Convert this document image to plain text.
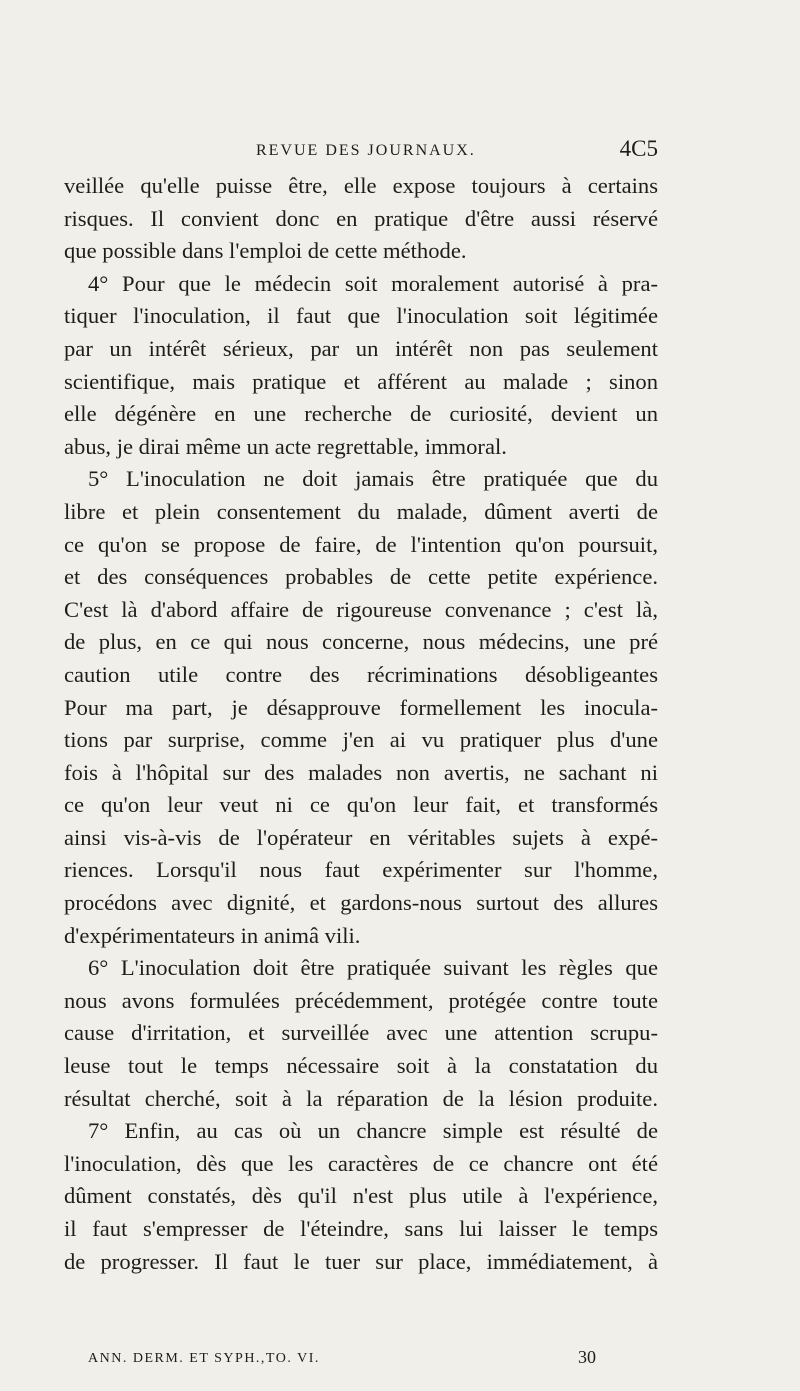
REVUE DES JOURNAUX.	4C5
veillée qu'elle puisse être, elle expose toujours à certains
risques. Il convient donc en pratique d'être aussi réservé
que possible dans l'emploi de cette méthode.
4° Pour que le médecin soit moralement autorisé à pra-
tiquer l'inoculation, il faut que l'inoculation soit légitimée
par un intérêt sérieux, par un intérêt non pas seulement
scientifique, mais pratique et afférent au malade ; sinon
elle dégénère en une recherche de curiosité, devient un
abus, je dirai même un acte regrettable, immoral.
5° L'inoculation ne doit jamais être pratiquée que du
libre et plein consentement du malade, dûment averti de
ce qu'on se propose de faire, de l'intention qu'on poursuit,
et des conséquences probables de cette petite expérience.
C'est là d'abord affaire de rigoureuse convenance ; c'est là,
de plus, en ce qui nous concerne, nous médecins, une pré
caution utile contre des récriminations désobligeantes
Pour ma part, je désapprouve formellement les inocula-
tions par surprise, comme j'en ai vu pratiquer plus d'une
fois à l'hôpital sur des malades non avertis, ne sachant ni
ce qu'on leur veut ni ce qu'on leur fait, et transformés
ainsi vis-à-vis de l'opérateur en véritables sujets à expé-
riences. Lorsqu'il nous faut expérimenter sur l'homme,
procédons avec dignité, et gardons-nous surtout des allures
d'expérimentateurs in animâ vili.
6° L'inoculation doit être pratiquée suivant les règles que
nous avons formulées précédemment, protégée contre toute
cause d'irritation, et surveillée avec une attention scrupu-
leuse tout le temps nécessaire soit à la constatation du
résultat cherché, soit à la réparation de la lésion produite.
7° Enfin, au cas où un chancre simple est résulté de
l'inoculation, dès que les caractères de ce chancre ont été
dûment constatés, dès qu'il n'est plus utile à l'expérience,
il faut s'empresser de l'éteindre, sans lui laisser le temps
de progresser. Il faut le tuer sur place, immédiatement, à
ANN. DERM. ET SYPH.,TO. VI.	30
